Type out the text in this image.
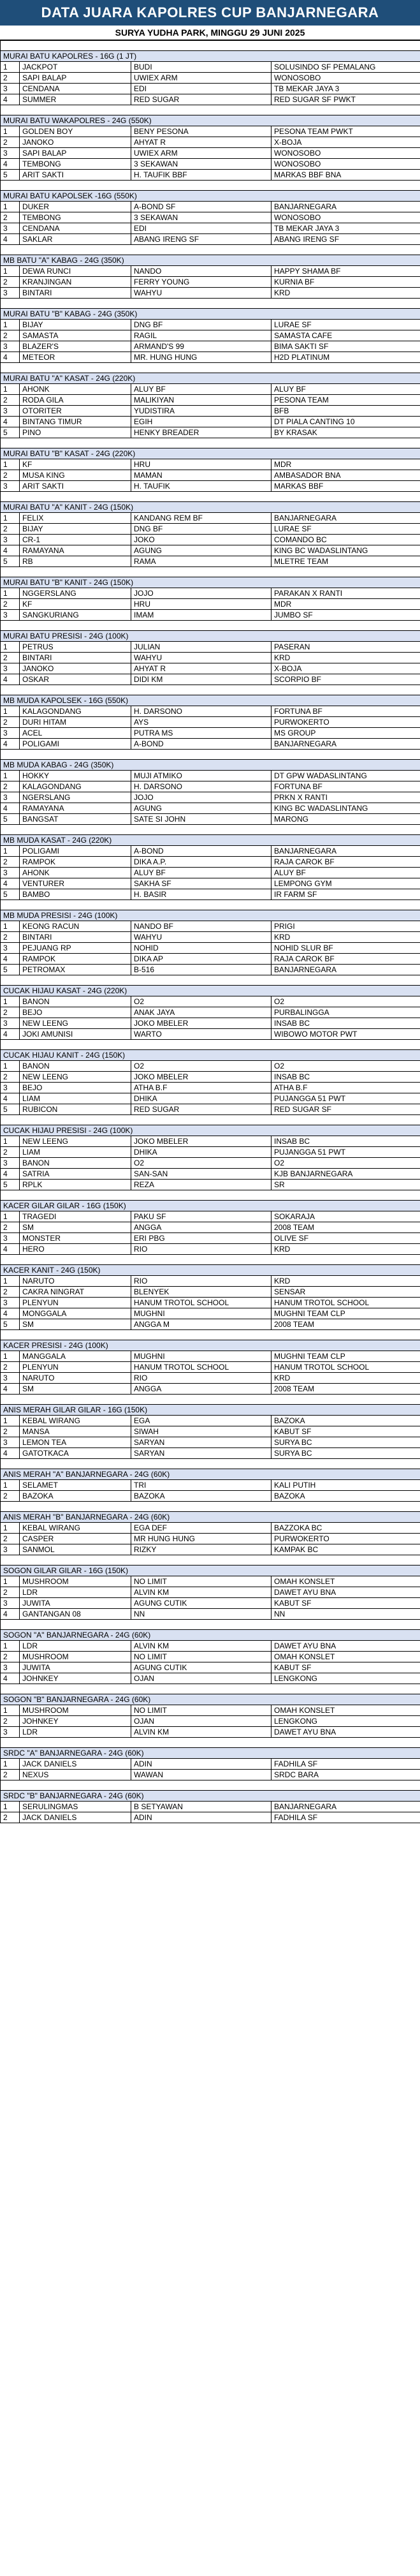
DATA JUARA KAPOLRES CUP BANJARNEGARA
SURYA YUDHA PARK, MINGGU 29 JUNI 2025

MURAI BATU KAPOLRES - 16G (1 JT)			
1	JACKPOT	BUDI	SOLUSINDO SF PEMALANG
2	SAPI BALAP	UWIEX ARM	WONOSOBO
3	CENDANA	EDI	TB MEKAR JAYA 3
4	SUMMER	RED SUGAR	RED SUGAR SF PWKT

MURAI BATU WAKAPOLRES - 24G (550K)			
1	GOLDEN BOY	BENY PESONA	PESONA TEAM PWKT
2	JANOKO	AHYAT R	X-BOJA
3	SAPI BALAP	UWIEX ARM	WONOSOBO
4	TEMBONG	3 SEKAWAN	WONOSOBO
5	ARIT SAKTI	H. TAUFIK BBF	MARKAS BBF BNA

MURAI BATU KAPOLSEK -16G (550K)			
1	DUKER	A-BOND SF	BANJARNEGARA
2	TEMBONG	3 SEKAWAN	WONOSOBO
3	CENDANA	EDI	TB MEKAR JAYA 3
4	SAKLAR	ABANG IRENG SF	ABANG IRENG SF

MB BATU "A" KABAG - 24G (350K)			
1	DEWA RUNCI	NANDO	HAPPY SHAMA BF
2	KRANJINGAN	FERRY YOUNG	KURNIA BF
3	BINTARI	WAHYU	KRD

MURAI BATU "B" KABAG - 24G (350K)			
1	BIJAY	DNG BF	LURAE SF
2	SAMASTA	RAGIL	SAMASTA CAFE
3	BLAZER'S	ARMAND'S 99	BIMA SAKTI SF
4	METEOR	MR. HUNG HUNG	H2D PLATINUM

MURAI BATU "A" KASAT - 24G (220K)			
1	AHONK	ALUY BF	ALUY BF
2	RODA GILA	MALIKIYAN	PESONA TEAM
3	OTORITER	YUDISTIRA	BFB
4	BINTANG TIMUR	EGIH	DT PIALA CANTING 10
5	PINO	HENKY BREADER	BY KRASAK

MURAI BATU "B" KASAT - 24G (220K)			
1	KF	HRU	MDR
2	MUSA KING	MAMAN	AMBASADOR BNA
3	ARIT SAKTI	H. TAUFIK	MARKAS BBF

MURAI BATU "A" KANIT - 24G (150K)			
1	FELIX	KANDANG REM BF	BANJARNEGARA
2	BIJAY	DNG BF	LURAE SF
3	CR-1	JOKO	COMANDO BC
4	RAMAYANA	AGUNG	KING BC WADASLINTANG
5	RB	RAMA	MLETRE TEAM

MURAI BATU "B" KANIT - 24G (150K)			
1	NGGERSLANG	JOJO	PARAKAN X RANTI
2	KF	HRU	MDR
3	SANGKURIANG	IMAM	JUMBO SF

MURAI BATU PRESISI - 24G (100K)			
1	PETRUS	JULIAN	PASERAN
2	BINTARI	WAHYU	KRD
3	JANOKO	AHYAT R	X-BOJA
4	OSKAR	DIDI KM	SCORPIO BF

MB MUDA KAPOLSEK - 16G (550K)			
1	KALAGONDANG	H. DARSONO	FORTUNA BF
2	DURI HITAM	AYS	PURWOKERTO
3	ACEL	PUTRA MS	MS GROUP
4	POLIGAMI	A-BOND	BANJARNEGARA

MB MUDA KABAG - 24G (350K)			
1	HOKKY	MUJI ATMIKO	DT GPW WADASLINTANG
2	KALAGONDANG	H. DARSONO	FORTUNA BF
3	NGERSLANG	JOJO	PRKN X RANTI
4	RAMAYANA	AGUNG	KING BC WADASLINTANG
5	BANGSAT	SATE SI JOHN	MARONG

MB MUDA KASAT - 24G (220K)			
1	POLIGAMI	A-BOND	BANJARNEGARA
2	RAMPOK	DIKA A.P.	RAJA CAROK BF
3	AHONK	ALUY BF	ALUY BF
4	VENTURER	SAKHA SF	LEMPONG GYM
5	BAMBO	H. BASIR	IR FARM SF

MB MUDA PRESISI - 24G (100K)			
1	KEONG RACUN	NANDO BF	PRIGI
2	BINTARI	WAHYU	KRD
3	PEJUANG RP	NOHID	NOHID SLUR BF
4	RAMPOK	DIKA AP	RAJA CAROK BF
5	PETROMAX	B-516	BANJARNEGARA

CUCAK HIJAU KASAT - 24G (220K)			
1	BANON	O2	O2
2	BEJO	ANAK JAYA	PURBALINGGA
3	NEW LEENG	JOKO MBELER	INSAB BC
4	JOKI AMUNISI	WARTO	WIBOWO MOTOR PWT

CUCAK HIJAU KANIT - 24G (150K)			
1	BANON	O2	O2
2	NEW LEENG	JOKO MBELER	INSAB BC
3	BEJO	ATHA B.F	ATHA B.F
4	LIAM	DHIKA	PUJANGGA 51 PWT
5	RUBICON	RED SUGAR	RED SUGAR SF

CUCAK HIJAU PRESISI - 24G (100K)			
1	NEW LEENG	JOKO MBELER	INSAB BC
2	LIAM	DHIKA	PUJANGGA 51 PWT
3	BANON	O2	O2
4	SATRIA	SAN-SAN	KJB BANJARNEGARA
5	RPLK	REZA	SR

KACER GILAR GILAR - 16G (150K)			
1	TRAGEDI	PAKU SF	SOKARAJA
2	SM	ANGGA	2008 TEAM
3	MONSTER	ERI PBG	OLIVE SF
4	HERO	RIO	KRD

KACER KANIT - 24G (150K)			
1	NARUTO	RIO	KRD
2	CAKRA NINGRAT	BLENYEK	SENSAR
3	PLENYUN	HANUM TROTOL SCHOOL	HANUM TROTOL SCHOOL
4	MONGGALA	MUGHNI	MUGHNI TEAM CLP
5	SM	ANGGA M	2008 TEAM

KACER PRESISI - 24G (100K)			
1	MANGGALA	MUGHNI	MUGHNI TEAM CLP
2	PLENYUN	HANUM TROTOL SCHOOL	HANUM TROTOL SCHOOL
3	NARUTO	RIO	KRD
4	SM	ANGGA	2008 TEAM

ANIS MERAH GILAR GILAR - 16G (150K)			
1	KEBAL WIRANG	EGA	BAZOKA
2	MANSA	SIWAH	KABUT SF
3	LEMON TEA	SARYAN	SURYA BC
4	GATOTKACA	SARYAN	SURYA BC

ANIS MERAH "A" BANJARNEGARA - 24G (60K)			
1	SELAMET	TRI	KALI PUTIH
2	BAZOKA	BAZOKA	BAZOKA

ANIS MERAH "B" BANJARNEGARA - 24G (60K)			
1	KEBAL WIRANG	EGA DEF	BAZZOKA BC
2	CASPER	MR HUNG HUNG	PURWOKERTO
3	SANMOL	RIZKY	KAMPAK BC

SOGON GILAR GILAR - 16G (150K)			
1	MUSHROOM	NO LIMIT	OMAH KONSLET
2	LDR	ALVIN KM	DAWET AYU BNA
3	JUWITA	AGUNG CUTIK	KABUT SF
4	GANTANGAN 08	NN	NN

SOGON "A" BANJARNEGARA - 24G (60K)			
1	LDR	ALVIN KM	DAWET AYU BNA
2	MUSHROOM	NO LIMIT	OMAH KONSLET
3	JUWITA	AGUNG CUTIK	KABUT SF
4	JOHNKEY	OJAN	LENGKONG

SOGON "B" BANJARNEGARA - 24G (60K)			
1	MUSHROOM	NO LIMIT	OMAH KONSLET
2	JOHNKEY	OJAN	LENGKONG
3	LDR	ALVIN KM	DAWET AYU BNA

SRDC "A" BANJARNEGARA - 24G (60K)			
1	JACK DANIELS	ADIN	FADHILA SF
2	NEXUS	WAWAN	SRDC BARA

SRDC "B" BANJARNEGARA - 24G (60K)			
1	SERULINGMAS	B SETYAWAN	BANJARNEGARA
2	JACK DANIELS	ADIN	FADHILA SF
